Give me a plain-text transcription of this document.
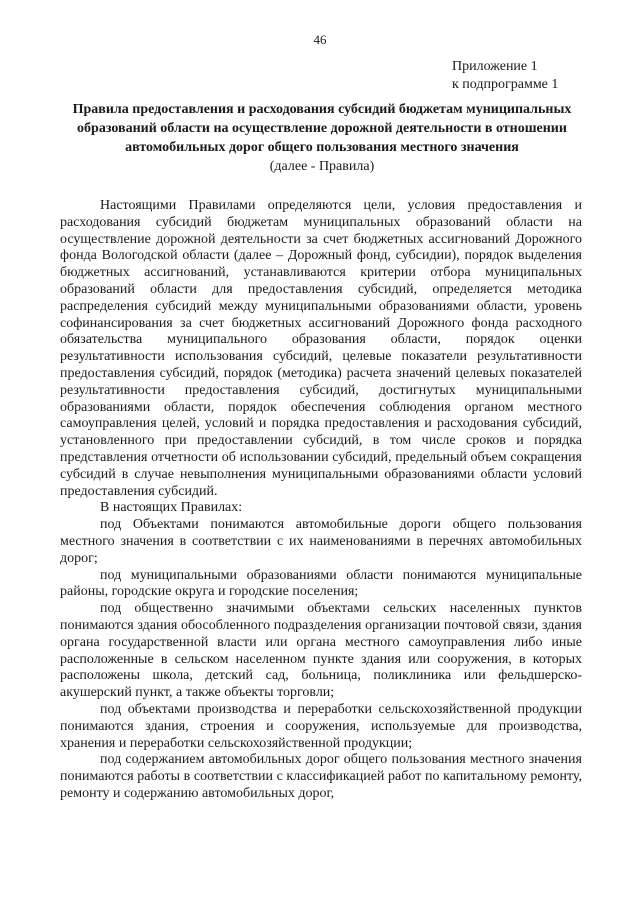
46
Приложение 1
к подпрограмме 1
Правила предоставления и расходования субсидий бюджетам муниципальных образований области на осуществление дорожной деятельности в отношении автомобильных дорог общего пользования местного значения
(далее - Правила)

Настоящими Правилами определяются цели, условия предоставления и расходования субсидий бюджетам муниципальных образований области на осуществление дорожной деятельности за счет бюджетных ассигнований Дорожного фонда Вологодской области (далее – Дорожный фонд, субсидии), порядок выделения бюджетных ассигнований, устанавливаются критерии отбора муниципальных образований области для предоставления субсидий, определяется методика распределения субсидий между муниципальными образованиями области, уровень софинансирования за счет бюджетных ассигнований Дорожного фонда расходного обязательства муниципального образования области, порядок оценки результативности использования субсидий, целевые показатели результативности предоставления субсидий, порядок (методика) расчета значений целевых показателей результативности предоставления субсидий, достигнутых муниципальными образованиями области, порядок обеспечения соблюдения органом местного самоуправления целей, условий и порядка предоставления и расходования субсидий, установленного при предоставлении субсидий, в том числе сроков и порядка представления отчетности об использовании субсидий, предельный объем сокращения субсидий в случае невыполнения муниципальными образованиями области условий предоставления субсидий.

В настоящих Правилах:

под Объектами понимаются автомобильные дороги общего пользования местного значения в соответствии с их наименованиями в перечнях автомобильных дорог;

под муниципальными образованиями области понимаются муниципальные районы, городские округа и городские поселения;

под общественно значимыми объектами сельских населенных пунктов понимаются здания обособленного подразделения организации почтовой связи, здания органа государственной власти или органа местного самоуправления либо иные расположенные в сельском населенном пункте здания или сооружения, в которых расположены школа, детский сад, больница, поликлиника или фельдшерско-акушерский пункт, а также объекты торговли;

под объектами производства и переработки сельскохозяйственной продукции понимаются здания, строения и сооружения, используемые для производства, хранения и переработки сельскохозяйственной продукции;

под содержанием автомобильных дорог общего пользования местного значения понимаются работы в соответствии с классификацией работ по капитальному ремонту, ремонту и содержанию автомобильных дорог,
